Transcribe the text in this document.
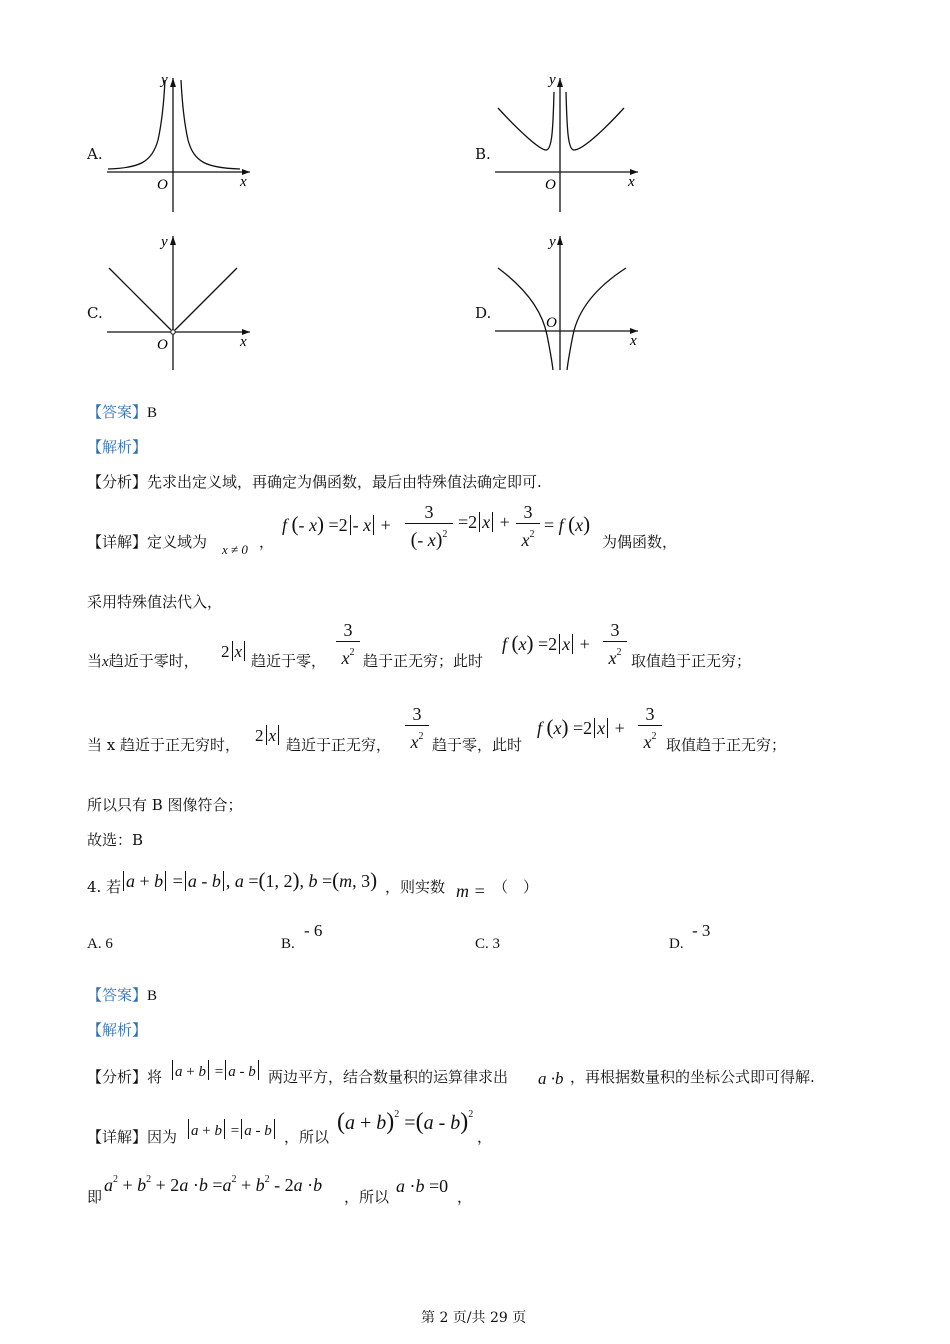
A.
x
y
O
B.
x
y
O
C.
x
y
O
D.
x
y
O
【答案】B
【解析】
【分析】先求出定义域，再确定为偶函数，最后由特殊值法确定即可.
【详解】定义域为 x ≠ 0 ，
f (- x) =2 - x +
3
(- x)$^2$
=2 x + 3
$x^2 = f$ (x)
为偶函数，
采用特殊值法代入，
当x趋近于零时， 2 x 趋近于零，
3
$x^2$ 趋于正无穷；此时
f (x) =2 x +
3
$x^2$ 取值趋于正无穷；
当 x 趋近于正无穷时， 2 x 趋近于正无穷，
3
$x^2$ 趋于零，此时
f (x) =2 x +
3
$x^2$ 取值趋于正无穷；
所以只有 B 图像符合；
故选：B
4. 若 a + b = a - b , a =(1, 2), b =(m, 3) ，则实数 m = （　）
A. 6	B.
- 6
C. 3	D.
- 3
【答案】B
【解析】
【分析】将 a + b = a - b 两边平方，结合数量积的运算律求出 a ·b ，再根据数量积的坐标公式即可得解.
【详解】因为 a + b = a - b ，所以
$(a + b)^2 =(a - b)^2$
，
即
$a^2 + b^2 + 2a \cdot b =a^2 + b^2 - 2a \cdot b$
，所以
a ·b =0
，
第 2 页/共 29 页
